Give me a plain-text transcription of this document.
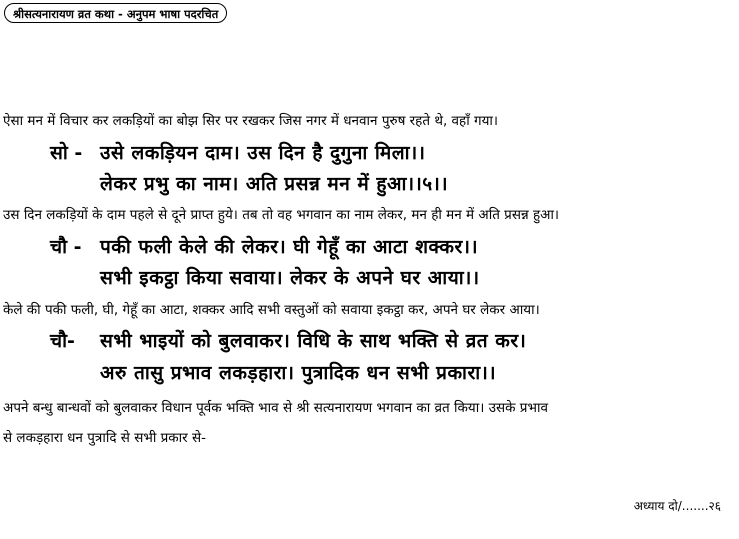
श्रीसत्यनारायण व्रत कथा - अनुपम भाषा पदरचित
ऐसा मन में विचार कर लकड़ियों का बोझ सिर पर रखकर जिस नगर में धनवान पुरुष रहते थे, वहाँ गया।
सो - उसे लकड़ियन दाम। उस दिन है दुगुना मिला।।
लेकर प्रभु का नाम। अति प्रसन्न मन में हुआ।।५।।
उस दिन लकड़ियों के दाम पहले से दूने प्राप्त हुये। तब तो वह भगवान का नाम लेकर, मन ही मन में अति प्रसन्न हुआ।
चौ - पकी फली केले की लेकर। घी गेहूँ का आटा शक्कर।।
सभी इकट्ठा किया सवाया। लेकर के अपने घर आया।।
केले की पकी फली, घी, गेहूँ का आटा, शक्कर आदि सभी वस्तुओं को सवाया इकट्ठा कर, अपने घर लेकर आया।
चौ- सभी भाइयों को बुलवाकर। विधि के साथ भक्ति से व्रत कर।
अरु तासु प्रभाव लकड़हारा। पुत्रादिक धन सभी प्रकारा।।
अपने बन्धु बान्धवों को बुलवाकर विधान पूर्वक भक्ति भाव से श्री सत्यनारायण भगवान का व्रत किया। उसके प्रभाव
से लकड़हारा धन पुत्रादि से सभी प्रकार से-
अध्याय दो/.......२६
